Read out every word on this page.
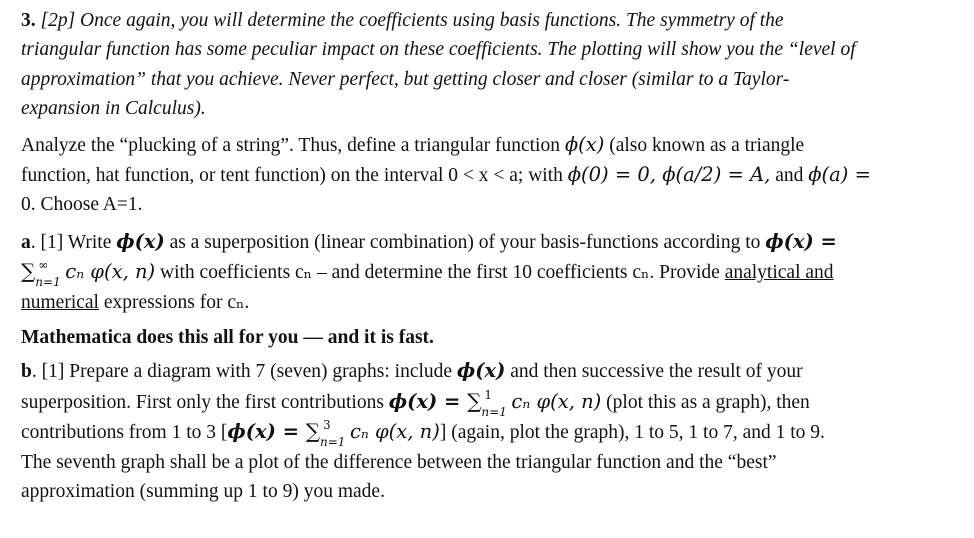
3. [2p] Once again, you will determine the coefficients using basis functions. The symmetry of the
triangular function has some peculiar impact on these coefficients. The plotting will show you the “level of
approximation” that you achieve. Never perfect, but getting closer and closer (similar to a Taylor-
expansion in Calculus).

Analyze the “plucking of a string”. Thus, define a triangular function ϕ(x) (also known as a triangle
function, hat function, or tent function) on the interval 0 < x < a; with ϕ(0) = 0, ϕ(a/2) = A, and ϕ(a) =
0. Choose A=1.

a. [1] Write ϕ(x) as a superposition (linear combination) of your basis-functions according to ϕ(x) =
∑ ∞
n=1 cₙ φ(x, n) with coefficients cₙ – and determine the first 10 coefficients cₙ. Provide analytical and
numerical expressions for cₙ.

Mathematica does this all for you — and it is fast.

b. [1] Prepare a diagram with 7 (seven) graphs: include ϕ(x) and then successive the result of your
superposition. First only the first contributions ϕ(x) = ∑ 1
n=1 cₙ φ(x, n) (plot this as a graph), then
contributions from 1 to 3 [ϕ(x) = ∑ 3
n=1 cₙ φ(x, n)] (again, plot the graph), 1 to 5, 1 to 7, and 1 to 9.
The seventh graph shall be a plot of the difference between the triangular function and the “best”
approximation (summing up 1 to 9) you made.
